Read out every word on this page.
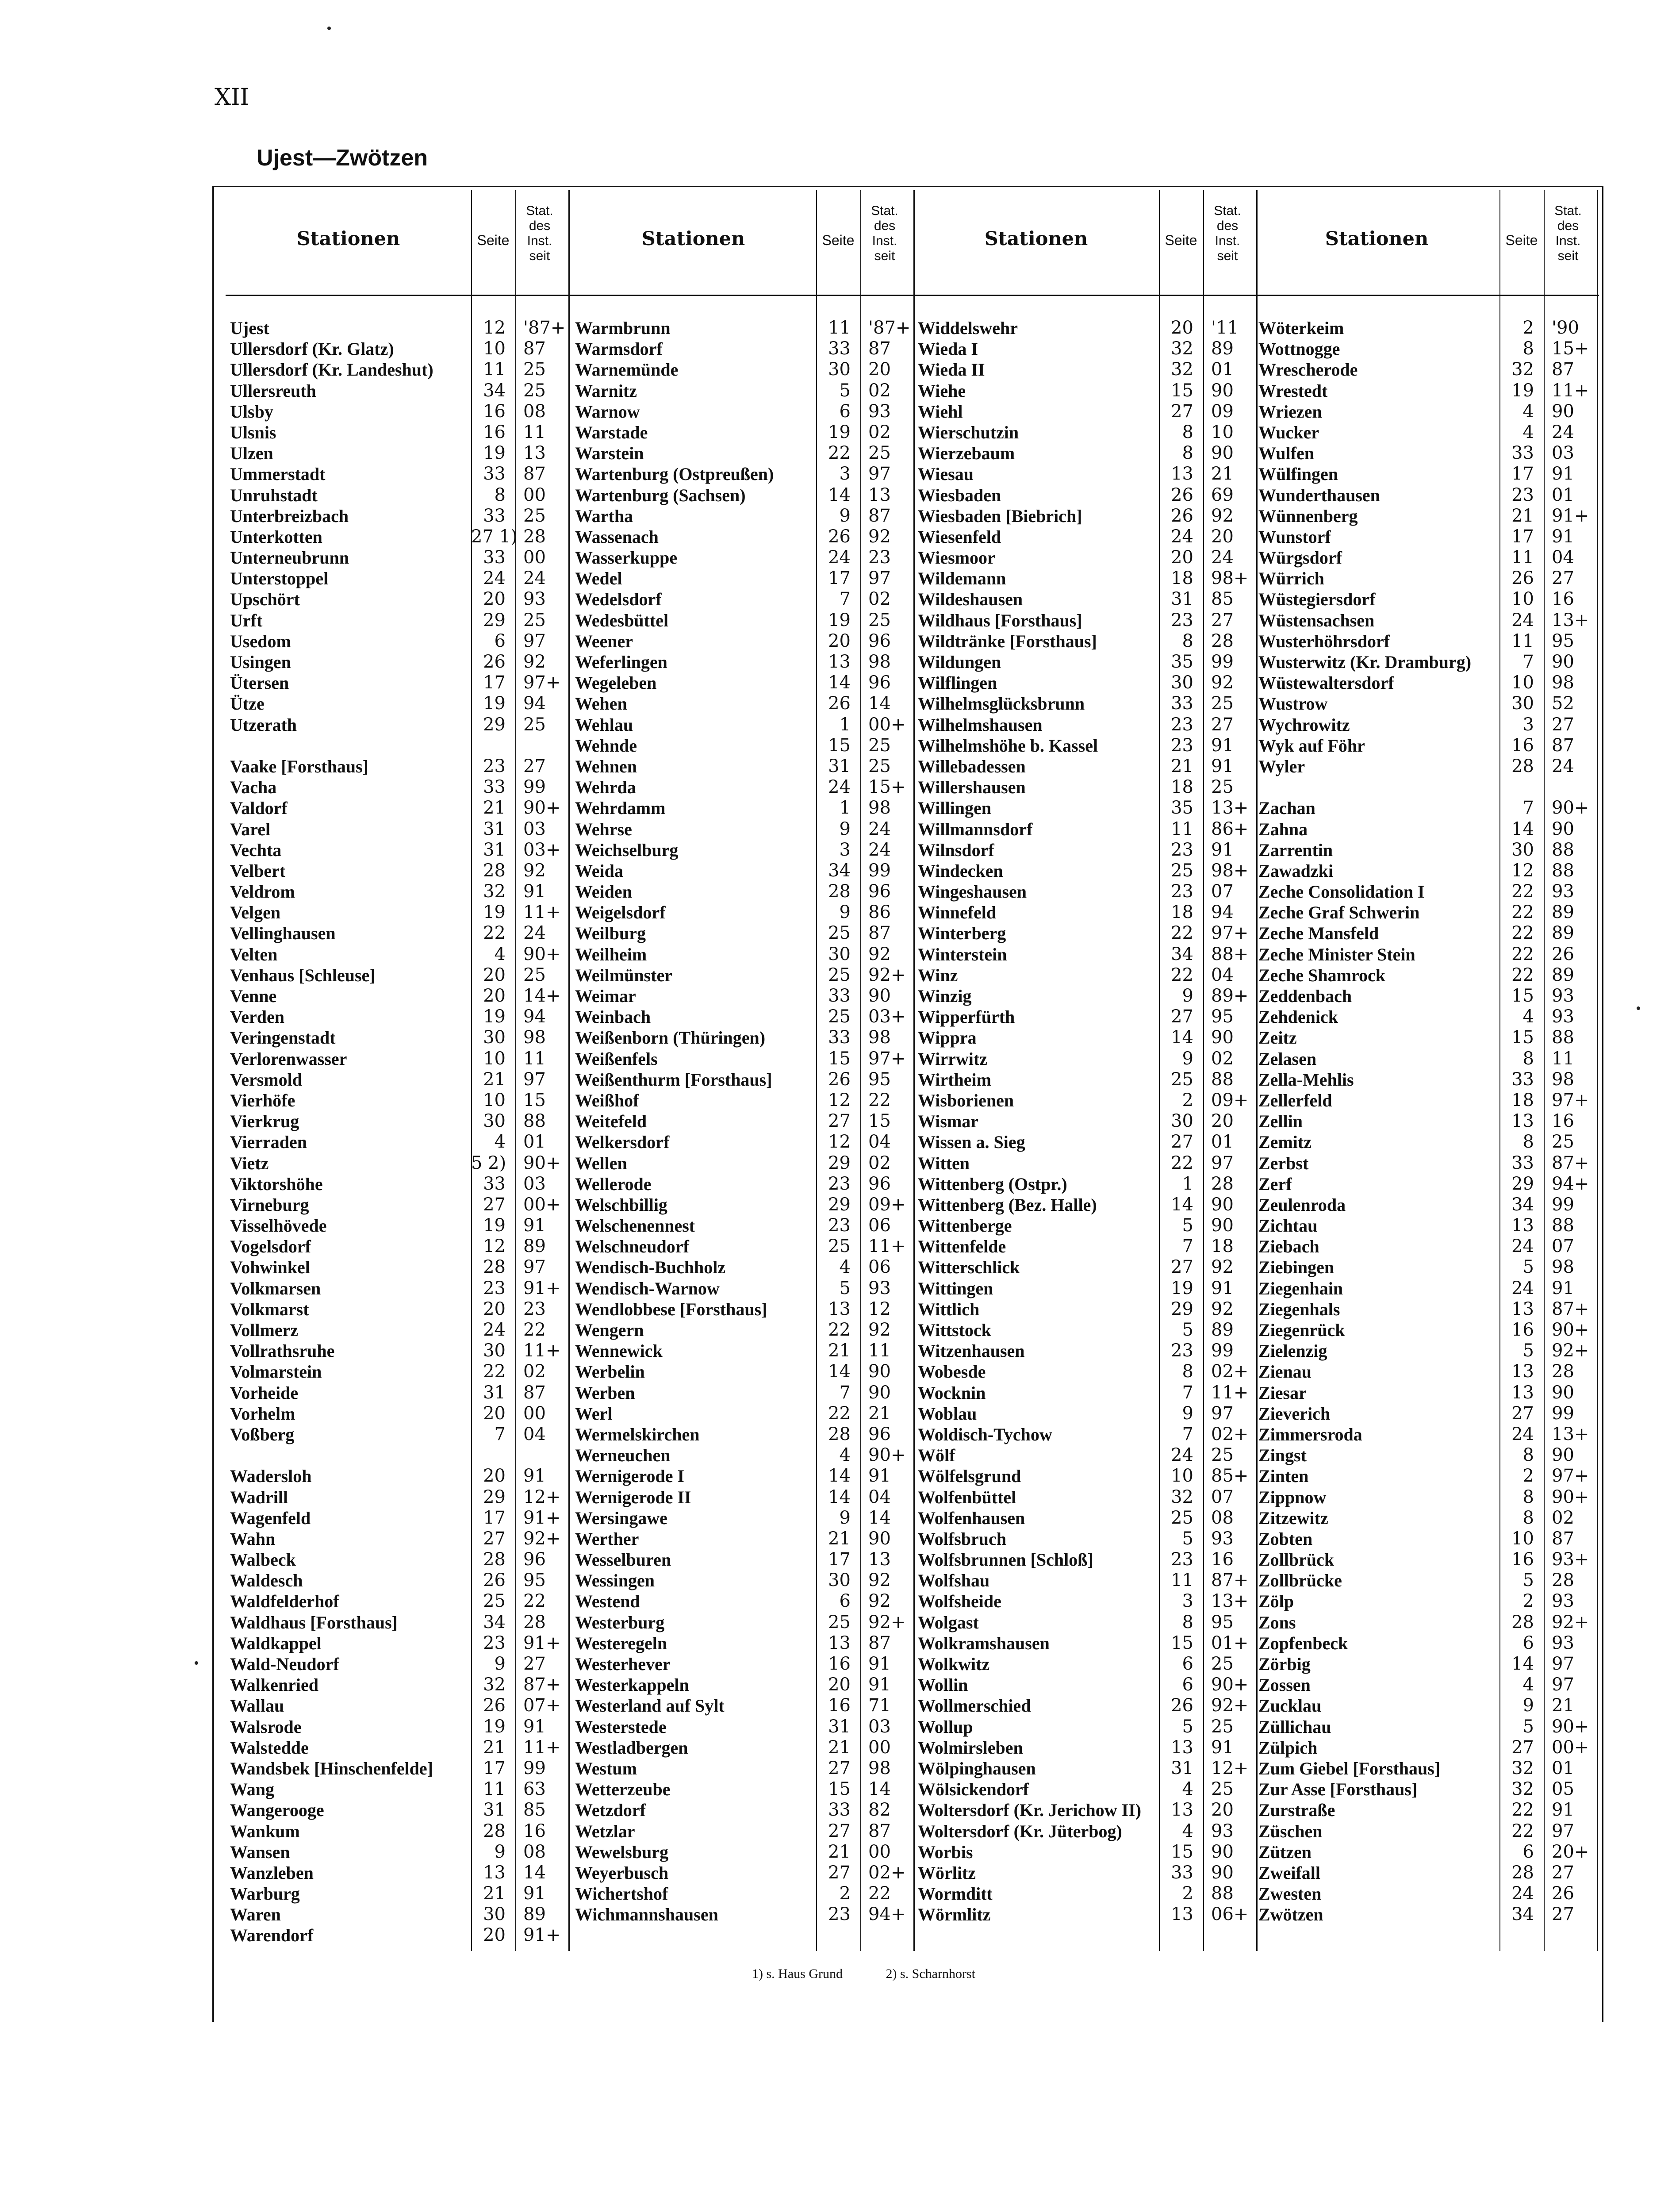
XII
Ujest—Zwötzen
Stationen	Seite
Stat.
des
Inst.
seit
Ujest	12 '87+
Ullersdorf (Kr. Glatz)	10 87
Ullersdorf (Kr. Landeshut)	11 25
Ullersreuth	34 25
Ulsby	16 08
Ulsnis	16 11
Ulzen	19 13
Ummerstadt	33 87
Unruhstadt	8 00
Unterbreizbach	33 25
Unterkotten	27 1) 28
Unterneubrunn	33 00
Unterstoppel	24 24
Upschört	20 93
Urft	29 25
Usedom	6 97
Usingen	26 92
Ütersen	17 97+
Ütze	19 94
Utzerath	29 25
Vaake [Forsthaus]	23 27
Vacha	33 99
Valdorf	21 90+
Varel	31 03
Vechta	31 03+
Velbert	28 92
Veldrom	32 91
Velgen	19 11+
Vellinghausen	22 24
Velten	4 90+
Venhaus [Schleuse]	20 25
Venne	20 14+
Verden	19 94
Veringenstadt	30 98
Verlorenwasser	10 11
Versmold	21 97
Vierhöfe	10 15
Vierkrug	30 88
Vierraden	4 01
Vietz	5 2) 90+
Viktorshöhe	33 03
Virneburg	27 00+
Visselhövede	19 91
Vogelsdorf	12 89
Vohwinkel	28 97
Volkmarsen	23 91+
Volkmarst	20 23
Vollmerz	24 22
Vollrathsruhe	30 11+
Volmarstein	22 02
Vorheide	31 87
Vorhelm	20 00
Voßberg	7 04
Wadersloh	20 91
Wadrill	29 12+
Wagenfeld	17 91+
Wahn	27 92+
Walbeck	28 96
Waldesch	26 95
Waldfelderhof	25 22
Waldhaus [Forsthaus]	34 28
Waldkappel	23 91+
Wald-Neudorf	9 27
Walkenried	32 87+
Wallau	26 07+
Walsrode	19 91
Walstedde	21 11+
Wandsbek [Hinschenfelde]	17 99
Wang	11 63
Wangerooge	31 85
Wankum	28 16
Wansen	9 08
Wanzleben	13 14
Warburg	21 91
Waren	30 89
Warendorf	20 91+
Stationen	Seite
Stat.
des
Inst.
seit
Warmbrunn	11 '87+
Warmsdorf	33 87
Warnemünde	30 20
Warnitz	5 02
Warnow	6 93
Warstade	19 02
Warstein	22 25
Wartenburg (Ostpreußen)	3 97
Wartenburg (Sachsen)	14 13
Wartha	9 87
Wassenach	26 92
Wasserkuppe	24 23
Wedel	17 97
Wedelsdorf	7 02
Wedesbüttel	19 25
Weener	20 96
Weferlingen	13 98
Wegeleben	14 96
Wehen	26 14
Wehlau	1 00+
Wehnde	15 25
Wehnen	31 25
Wehrda	24 15+
Wehrdamm	1 98
Wehrse	9 24
Weichselburg	3 24
Weida	34 99
Weiden	28 96
Weigelsdorf	9 86
Weilburg	25 87
Weilheim	30 92
Weilmünster	25 92+
Weimar	33 90
Weinbach	25 03+
Weißenborn (Thüringen)	33 98
Weißenfels	15 97+
Weißenthurm [Forsthaus]	26 95
Weißhof	12 22
Weitefeld	27 15
Welkersdorf	12 04
Wellen	29 02
Wellerode	23 96
Welschbillig	29 09+
Welschenennest	23 06
Welschneudorf	25 11+
Wendisch-Buchholz	4 06
Wendisch-Warnow	5 93
Wendlobbese [Forsthaus]	13 12
Wengern	22 92
Wennewick	21 11
Werbelin	14 90
Werben	7 90
Werl	22 21
Wermelskirchen	28 96
Werneuchen	4 90+
Wernigerode I	14 91
Wernigerode II	14 04
Wersingawe	9 14
Werther	21 90
Wesselburen	17 13
Wessingen	30 92
Westend	6 92
Westerburg	25 92+
Westeregeln	13 87
Westerhever	16 91
Westerkappeln	20 91
Westerland auf Sylt	16 71
Westerstede	31 03
Westladbergen	21 00
Westum	27 98
Wetterzeube	15 14
Wetzdorf	33 82
Wetzlar	27 87
Wewelsburg	21 00
Weyerbusch	27 02+
Wichertshof	2 22
Wichmannshausen	23 94+
Stationen	Seite
Stat.
des
Inst.
seit
Widdelswehr	20 '11
Wieda I	32 89
Wieda II	32 01
Wiehe	15 90
Wiehl	27 09
Wierschutzin	8 10
Wierzebaum	8 90
Wiesau	13 21
Wiesbaden	26 69
Wiesbaden [Biebrich]	26 92
Wiesenfeld	24 20
Wiesmoor	20 24
Wildemann	18 98+
Wildeshausen	31 85
Wildhaus [Forsthaus]	23 27
Wildtränke [Forsthaus]	8 28
Wildungen	35 99
Wilflingen	30 92
Wilhelmsglücksbrunn	33 25
Wilhelmshausen	23 27
Wilhelmshöhe b. Kassel	23 91
Willebadessen	21 91
Willershausen	18 25
Willingen	35 13+
Willmannsdorf	11 86+
Wilnsdorf	23 91
Windecken	25 98+
Wingeshausen	23 07
Winnefeld	18 94
Winterberg	22 97+
Winterstein	34 88+
Winz	22 04
Winzig	9 89+
Wipperfürth	27 95
Wippra	14 90
Wirrwitz	9 02
Wirtheim	25 88
Wisborienen	2 09+
Wismar	30 20
Wissen a. Sieg	27 01
Witten	22 97
Wittenberg (Ostpr.)	1 28
Wittenberg (Bez. Halle)	14 90
Wittenberge	5 90
Wittenfelde	7 18
Witterschlick	27 92
Wittingen	19 91
Wittlich	29 92
Wittstock	5 89
Witzenhausen	23 99
Wobesde	8 02+
Wocknin	7 11+
Woblau	9 97
Woldisch-Tychow	7 02+
Wölf	24 25
Wölfelsgrund	10 85+
Wolfenbüttel	32 07
Wolfenhausen	25 08
Wolfsbruch	5 93
Wolfsbrunnen [Schloß]	23 16
Wolfshau	11 87+
Wolfsheide	3 13+
Wolgast	8 95
Wolkramshausen	15 01+
Wolkwitz	6 25
Wollin	6 90+
Wollmerschied	26 92+
Wollup	5 25
Wolmirsleben	13 91
Wölpinghausen	31 12+
Wölsickendorf	4 25
Woltersdorf (Kr. Jerichow II)	13 20
Woltersdorf (Kr. Jüterbog)	4 93
Worbis	15 90
Wörlitz	33 90
Wormditt	2 88
Wörmlitz	13 06+
Stationen	Seite
Stat.
des
Inst.
seit
Wöterkeim	2 '90
Wottnogge	8 15+
Wrescherode	32 87
Wrestedt	19 11+
Wriezen	4 90
Wucker	4 24
Wulfen	33 03
Wülfingen	17 91
Wunderthausen	23 01
Wünnenberg	21 91+
Wunstorf	17 91
Würgsdorf	11 04
Würrich	26 27
Wüstegiersdorf	10 16
Wüstensachsen	24 13+
Wusterhöhrsdorf	11 95
Wusterwitz (Kr. Dramburg)	7 90
Wüstewaltersdorf	10 98
Wustrow	30 52
Wychrowitz	3 27
Wyk auf Föhr	16 87
Wyler	28 24
Zachan	7 90+
Zahna	14 90
Zarrentin	30 88
Zawadzki	12 88
Zeche Consolidation I	22 93
Zeche Graf Schwerin	22 89
Zeche Mansfeld	22 89
Zeche Minister Stein	22 26
Zeche Shamrock	22 89
Zeddenbach	15 93
Zehdenick	4 93
Zeitz	15 88
Zelasen	8 11
Zella-Mehlis	33 98
Zellerfeld	18 97+
Zellin	13 16
Zemitz	8 25
Zerbst	33 87+
Zerf	29 94+
Zeulenroda	34 99
Zichtau	13 88
Ziebach	24 07
Ziebingen	5 98
Ziegenhain	24 91
Ziegenhals	13 87+
Ziegenrück	16 90+
Zielenzig	5 92+
Zienau	13 28
Ziesar	13 90
Zieverich	27 99
Zimmersroda	24 13+
Zingst	8 90
Zinten	2 97+
Zippnow	8 90+
Zitzewitz	8 02
Zobten	10 87
Zollbrück	16 93+
Zollbrücke	5 28
Zölp	2 93
Zons	28 92+
Zopfenbeck	6 93
Zörbig	14 97
Zossen	4 97
Zucklau	9 21
Züllichau	5 90+
Zülpich	27 00+
Zum Giebel [Forsthaus]	32 01
Zur Asse [Forsthaus]	32 05
Zurstraße	22 91
Züschen	22 97
Zützen	6 20+
Zweifall	28 27
Zwesten	24 26
Zwötzen	34 27
1) s. Haus Grund	2) s. Scharnhorst
